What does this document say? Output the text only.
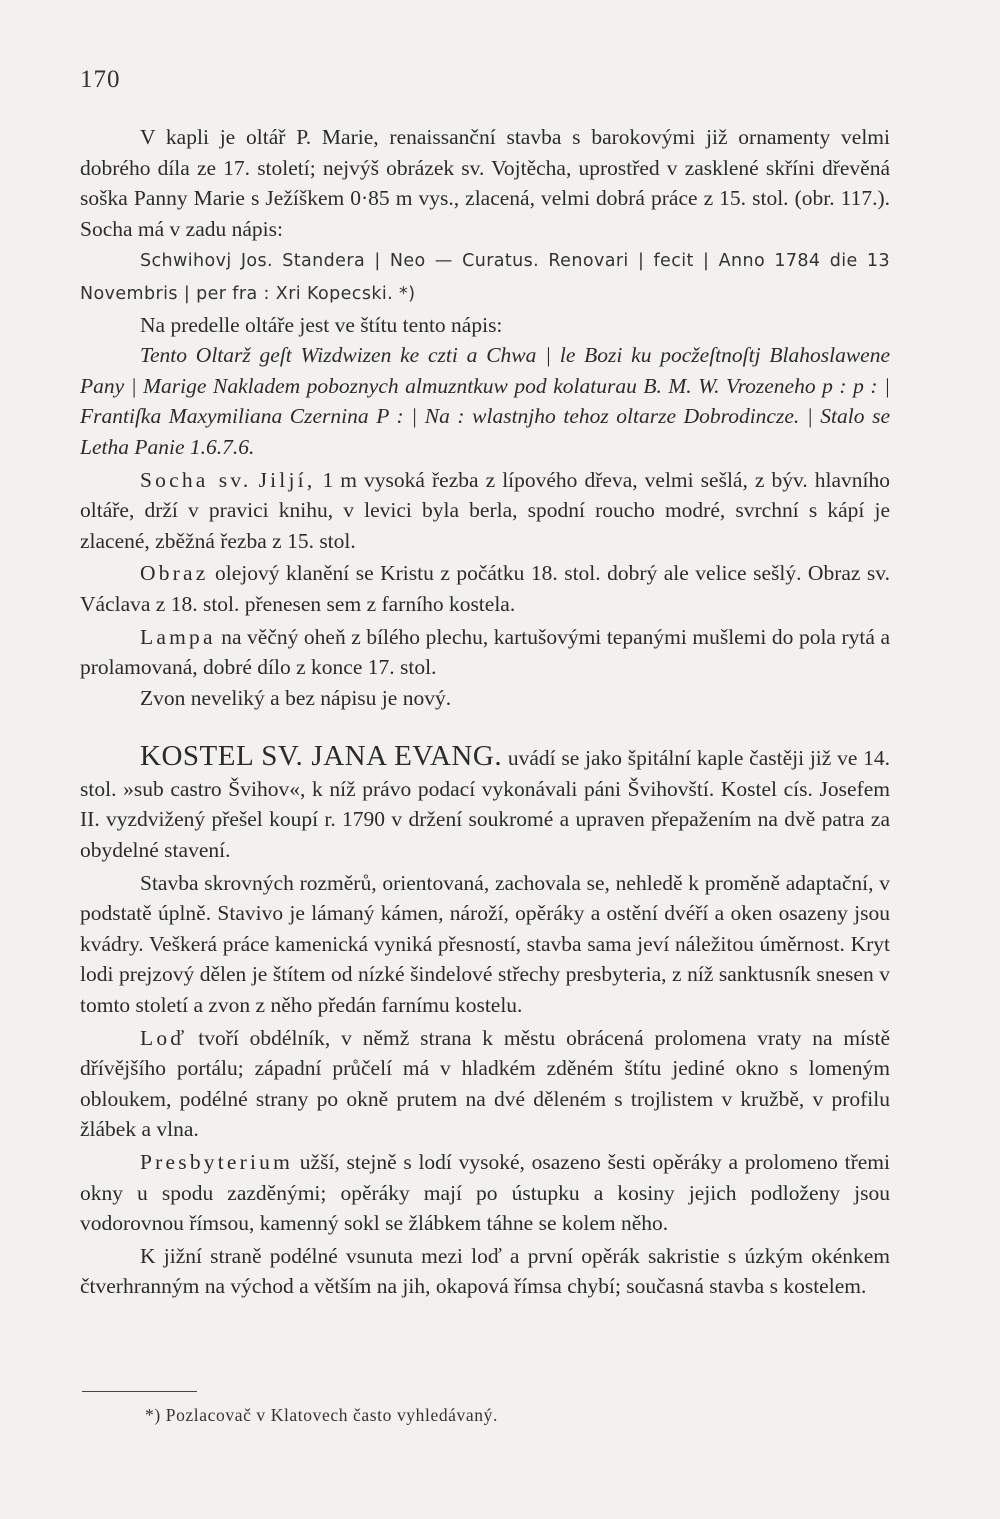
170

V kapli je oltář P. Marie, renaissanční stavba s barokovými již ornamenty velmi dobrého díla ze 17. století; nejvýš obrázek sv. Vojtěcha, uprostřed v zasklené skříni dřevěná soška Panny Marie s Ježíškem 0·85 m vys., zlacená, velmi dobrá práce z 15. stol. (obr. 117.). Socha má v zadu nápis:

Schwihovj Jos. Standera | Neo — Curatus. Renovari | fecit | Anno 1784 die 13 Novembris | per fra : Xri Kopecski. *)

Na predelle oltáře jest ve štítu tento nápis:

Tento Oltarž geſt Wizdwizen ke czti a Chwa | le Bozi ku pocžeſtnoſtj Blahoslawene Pany | Marige Nakladem poboznych almuzntkuw pod kolaturau B. M. W. Vrozeneho p : p : | Frantiſka Maxymiliana Czernina P : | Na : wlastnjho tehoz oltarze Dobrodincze. | Stalo se Letha Panie 1.6.7.6.

Socha sv. Jiljí, 1 m vysoká řezba z lípového dřeva, velmi sešlá, z býv. hlavního oltáře, drží v pravici knihu, v levici byla berla, spodní roucho modré, svrchní s kápí je zlacené, zběžná řezba z 15. stol.

Obraz olejový klanění se Kristu z počátku 18. stol. dobrý ale velice sešlý. Obraz sv. Václava z 18. stol. přenesen sem z farního kostela.

Lampa na věčný oheň z bílého plechu, kartušovými tepanými mušlemi do pola rytá a prolamovaná, dobré dílo z konce 17. stol.

Zvon neveliký a bez nápisu je nový.

KOSTEL SV. JANA EVANG. uvádí se jako špitální kaple častěji již ve 14. stol. »sub castro Švihov«, k níž právo podací vykonávali páni Švihovští. Kostel cís. Josefem II. vyzdvižený přešel koupí r. 1790 v držení soukromé a upraven přepažením na dvě patra za obydelné stavení.

Stavba skrovných rozměrů, orientovaná, zachovala se, nehledě k proměně adaptační, v podstatě úplně. Stavivo je lámaný kámen, nároží, opěráky a ostění dvéří a oken osazeny jsou kvádry. Veškerá práce kamenická vyniká přesností, stavba sama jeví náležitou úměrnost. Kryt lodi prejzový dělen je štítem od nízké šindelové střechy presbyteria, z níž sanktusník snesen v tomto století a zvon z něho předán farnímu kostelu.

Loď tvoří obdélník, v němž strana k městu obrácená prolomena vraty na místě dřívějšího portálu; západní průčelí má v hladkém zděném štítu jediné okno s lomeným obloukem, podélné strany po okně prutem na dvé děleném s trojlistem v kružbě, v profilu žlábek a vlna.

Presbyterium užší, stejně s lodí vysoké, osazeno šesti opěráky a prolomeno třemi okny u spodu zazděnými; opěráky mají po ústupku a kosiny jejich podloženy jsou vodorovnou římsou, kamenný sokl se žlábkem táhne se kolem něho.

K jižní straně podélné vsunuta mezi loď a první opěrák sakristie s úzkým okénkem čtverhranným na východ a větším na jih, okapová římsa chybí; současná stavba s kostelem.

*) Pozlacovač v Klatovech často vyhledávaný.
